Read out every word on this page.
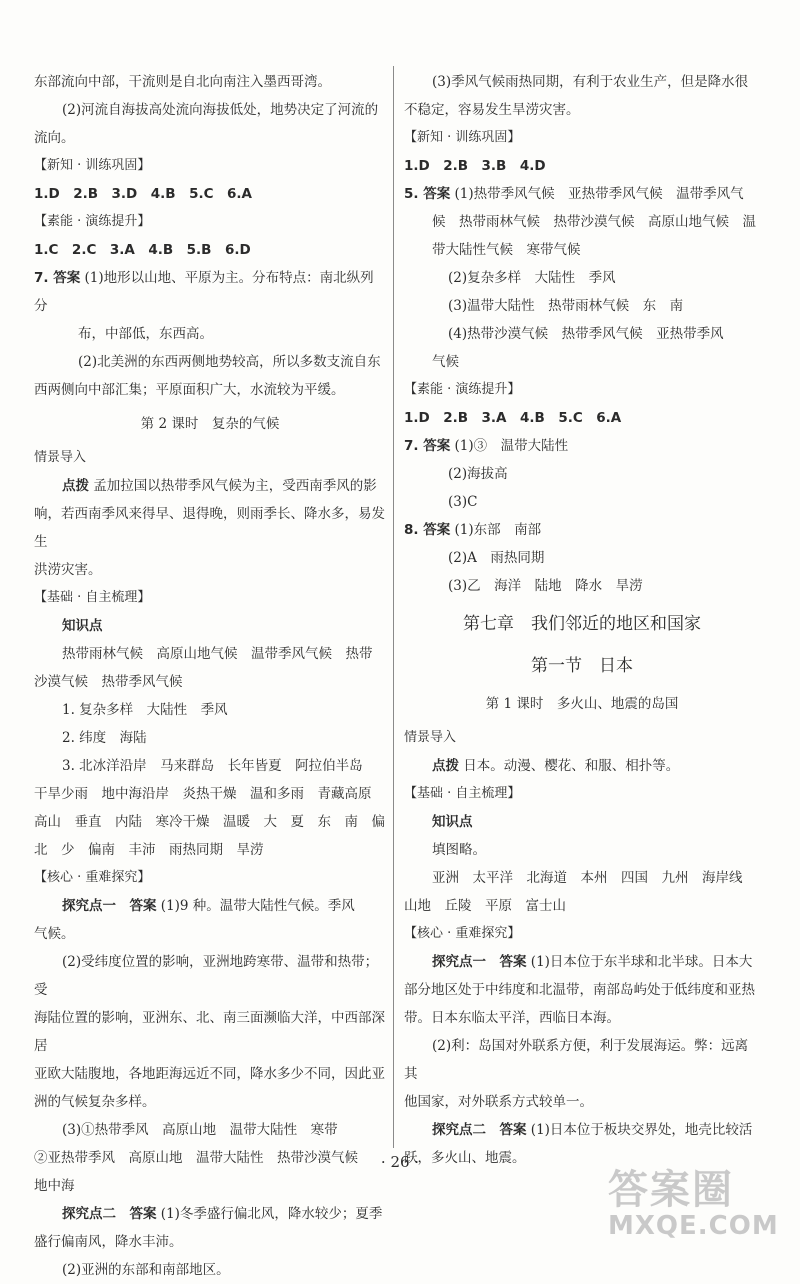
东部流向中部，干流则是自北向南注入墨西哥湾。

(2)河流自海拔高处流向海拔低处，地势决定了河流的

流向。

【新知 · 训练巩固】

1.D　2.B　3.D　4.B　5.C　6.A

【素能 · 演练提升】

1.C　2.C　3.A　4.B　5.B　6.D

7. 答案 (1)地形以山地、平原为主。分布特点：南北纵列分

布，中部低，东西高。

(2)北美洲的东西两侧地势较高，所以多数支流自东

西两侧向中部汇集；平原面积广大，水流较为平缓。

第 2 课时　复杂的气候

情景导入

点拨 孟加拉国以热带季风气候为主，受西南季风的影

响，若西南季风来得早、退得晚，则雨季长、降水多，易发生

洪涝灾害。

【基础 · 自主梳理】

知识点

热带雨林气候　高原山地气候　温带季风气候　热带

沙漠气候　热带季风气候

1. 复杂多样　大陆性　季风

2. 纬度　海陆

3. 北冰洋沿岸　马来群岛　长年皆夏　阿拉伯半岛

干旱少雨　地中海沿岸　炎热干燥　温和多雨　青藏高原

高山　垂直　内陆　寒冷干燥　温暖　大　夏　东　南　偏

北　少　偏南　丰沛　雨热同期　旱涝

【核心 · 重难探究】

探究点一　答案 (1)9 种。温带大陆性气候。季风

气候。

(2)受纬度位置的影响，亚洲地跨寒带、温带和热带；受

海陆位置的影响，亚洲东、北、南三面濒临大洋，中西部深居

亚欧大陆腹地，各地距海远近不同，降水多少不同，因此亚

洲的气候复杂多样。

(3)①热带季风　高原山地　温带大陆性　寒带

②亚热带季风　高原山地　温带大陆性　热带沙漠气候

地中海

探究点二　答案 (1)冬季盛行偏北风，降水较少；夏季

盛行偏南风，降水丰沛。

(2)亚洲的东部和南部地区。

(3)季风气候雨热同期，有利于农业生产，但是降水很

不稳定，容易发生旱涝灾害。

【新知 · 训练巩固】

1.D　2.B　3.B　4.D

5. 答案 (1)热带季风气候　亚热带季风气候　温带季风气

候　热带雨林气候　热带沙漠气候　高原山地气候　温

带大陆性气候　寒带气候

(2)复杂多样　大陆性　季风

(3)温带大陆性　热带雨林气候　东　南

(4)热带沙漠气候　热带季风气候　亚热带季风

气候

【素能 · 演练提升】

1.D　2.B　3.A　4.B　5.C　6.A

7. 答案 (1)③　温带大陆性

(2)海拔高

(3)C

8. 答案 (1)东部　南部

(2)A　雨热同期

(3)乙　海洋　陆地　降水　旱涝

第七章　我们邻近的地区和国家

第一节　日本

第 1 课时　多火山、地震的岛国

情景导入

点拨 日本。动漫、樱花、和服、相扑等。

【基础 · 自主梳理】

知识点

填图略。

亚洲　太平洋　北海道　本州　四国　九州　海岸线

山地　丘陵　平原　富士山

【核心 · 重难探究】

探究点一　答案 (1)日本位于东半球和北半球。日本大

部分地区处于中纬度和北温带，南部岛屿处于低纬度和亚热

带。日本东临太平洋，西临日本海。

(2)利：岛国对外联系方便，利于发展海运。弊：远离其

他国家，对外联系方式较单一。

探究点二　答案 (1)日本位于板块交界处，地壳比较活

跃，多火山、地震。

· 26 ·
答案圈
MXQE.COM
